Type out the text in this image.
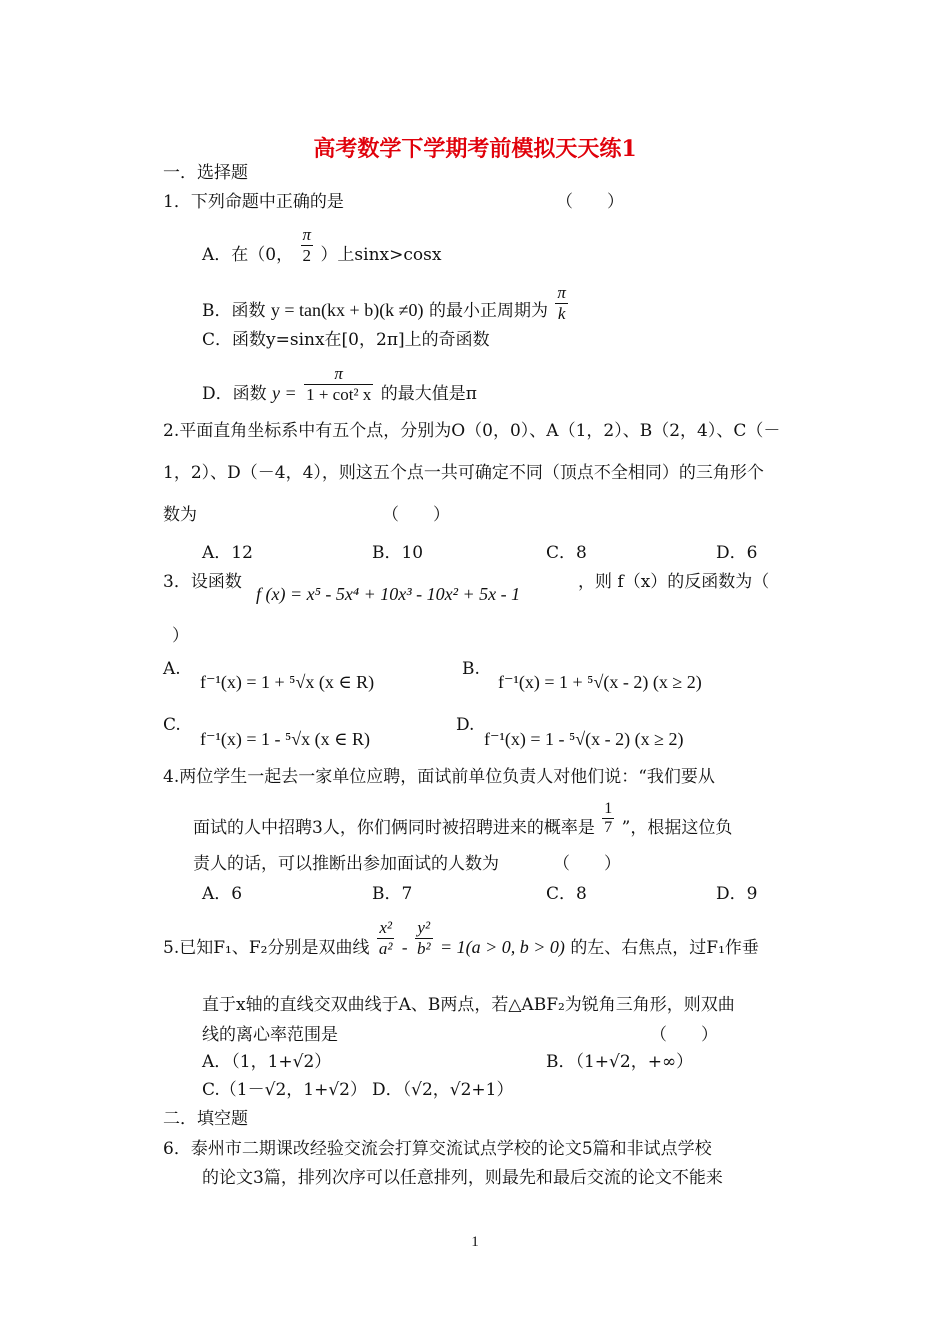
高考数学下学期考前模拟天天练1
一．选择题
1．下列命题中正确的是	（　　）
A．在（0， $\frac{\pi}{2}$ ）上sinx>cosx
B．函数 y = tan(kx + b)(k ≠0) 的最小正周期为 $\frac{\pi}{k}$
C．函数y=sinx在[0，2π]上的奇函数
D．函数 $y = \frac{\pi}{\text{1 + cot² x}}$ 的最大值是π
2.平面直角坐标系中有五个点，分别为O（0，0）、A（1，2）、B（2，4）、C（－
1，2）、D（－4，4），则这五个点一共可确定不同（顶点不全相同）的三角形个
数为	（　　）
A．12	B．10	C．8	D．6
3．设函数
f (x) = x⁵ - 5x⁴ + 10x³ - 10x² + 5x - 1
，则 f（x）的反函数为（
）
A.
f⁻¹(x) = 1 + ⁵√x (x ∈ R)
B.
f⁻¹(x) = 1 + ⁵√(x - 2) (x ≥ 2)
C.
f⁻¹(x) = 1 - ⁵√x (x ∈ R)
D.
f⁻¹(x) = 1 - ⁵√(x - 2) (x ≥ 2)
4.两位学生一起去一家单位应聘，面试前单位负责人对他们说：“我们要从
面试的人中招聘3人，你们俩同时被招聘进来的概率是 $\frac{1}{7}$ ”，根据这位负
责人的话，可以推断出参加面试的人数为	（　　）
A．6	B．7	C．8	D．9
5.已知F₁、F₂分别是双曲线 $\frac{\text{x²}}{\text{a²}} - \frac{\text{y²}}{\text{b²}} = 1(a > 0$, b > 0) 的左、右焦点，过F₁作垂
直于x轴的直线交双曲线于A、B两点，若△ABF₂为锐角三角形，则双曲
线的离心率范围是	（　　）
A．（1，1+√2）	B．（1+√2，+∞）
C.（1－√2，1+√2） D．（√2，√2+1）
二．填空题
6．泰州市二期课改经验交流会打算交流试点学校的论文5篇和非试点学校
的论文3篇，排列次序可以任意排列，则最先和最后交流的论文不能来
1
